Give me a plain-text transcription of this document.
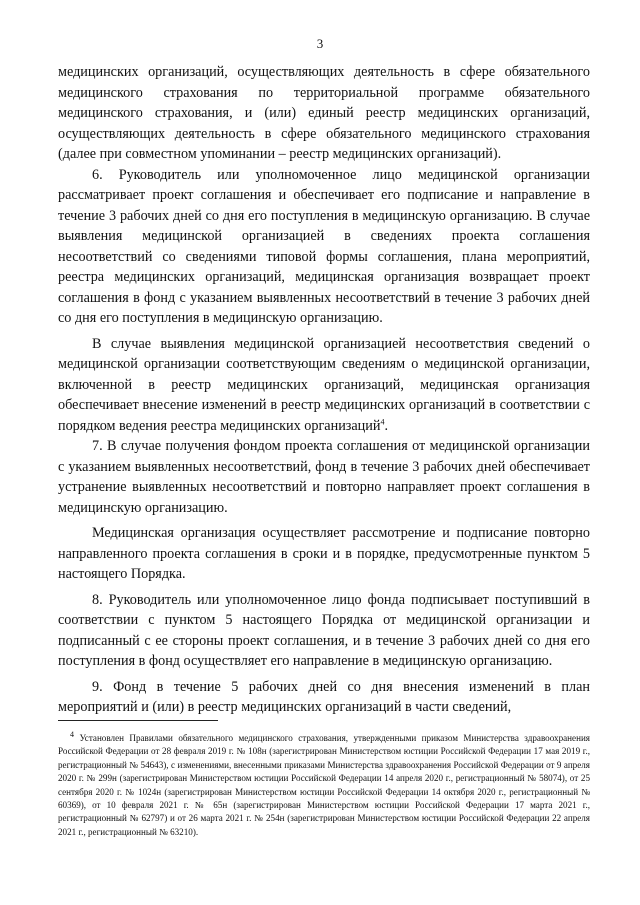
3

медицинских организаций, осуществляющих деятельность в сфере обязательного медицинского страхования по территориальной программе обязательного медицинского страхования, и (или) единый реестр медицинских организаций, осуществляющих деятельность в сфере обязательного медицинского страхования (далее при совместном упоминании – реестр медицинских организаций).

6. Руководитель или уполномоченное лицо медицинской организации рассматривает проект соглашения и обеспечивает его подписание и направление в течение 3 рабочих дней со дня его поступления в медицинскую организацию. В случае выявления медицинской организацией в сведениях проекта соглашения несоответствий со сведениями типовой формы соглашения, плана мероприятий, реестра медицинских организаций, медицинская организация возвращает проект соглашения в фонд с указанием выявленных несоответствий в течение 3 рабочих дней со дня его поступления в медицинскую организацию.

В случае выявления медицинской организацией несоответствия сведений о медицинской организации соответствующим сведениям о медицинской организации, включенной в реестр медицинских организаций, медицинская организация обеспечивает внесение изменений в реестр медицинских организаций в соответствии с порядком ведения реестра медицинских организаций$^4$.

7. В случае получения фондом проекта соглашения от медицинской организации с указанием выявленных несоответствий, фонд в течение 3 рабочих дней обеспечивает устранение выявленных несоответствий и повторно направляет проект соглашения в медицинскую организацию.

Медицинская организация осуществляет рассмотрение и подписание повторно направленного проекта соглашения в сроки и в порядке, предусмотренные пунктом 5 настоящего Порядка.

8. Руководитель или уполномоченное лицо фонда подписывает поступивший в соответствии с пунктом 5 настоящего Порядка от медицинской организации и подписанный с ее стороны проект соглашения, и в течение 3 рабочих дней со дня его поступления в фонд осуществляет его направление в медицинскую организацию.

9. Фонд в течение 5 рабочих дней со дня внесения изменений в план мероприятий и (или) в реестр медицинских организаций в части сведений,

$^4$ Установлен Правилами обязательного медицинского страхования, утвержденными приказом Министерства здравоохранения Российской Федерации от 28 февраля 2019 г. № 108н (зарегистрирован Министерством юстиции Российской Федерации 17 мая 2019 г., регистрационный № 54643), с изменениями, внесенными приказами Министерства здравоохранения Российской Федерации от 9 апреля 2020 г. № 299н (зарегистрирован Министерством юстиции Российской Федерации 14 апреля 2020 г., регистрационный № 58074), от 25 сентября 2020 г. № 1024н (зарегистрирован Министерством юстиции Российской Федерации 14 октября 2020 г., регистрационный № 60369), от 10 февраля 2021 г. № 65н (зарегистрирован Министерством юстиции Российской Федерации 17 марта 2021 г., регистрационный № 62797) и от 26 марта 2021 г. № 254н (зарегистрирован Министерством юстиции Российской Федерации 22 апреля 2021 г., регистрационный № 63210).
